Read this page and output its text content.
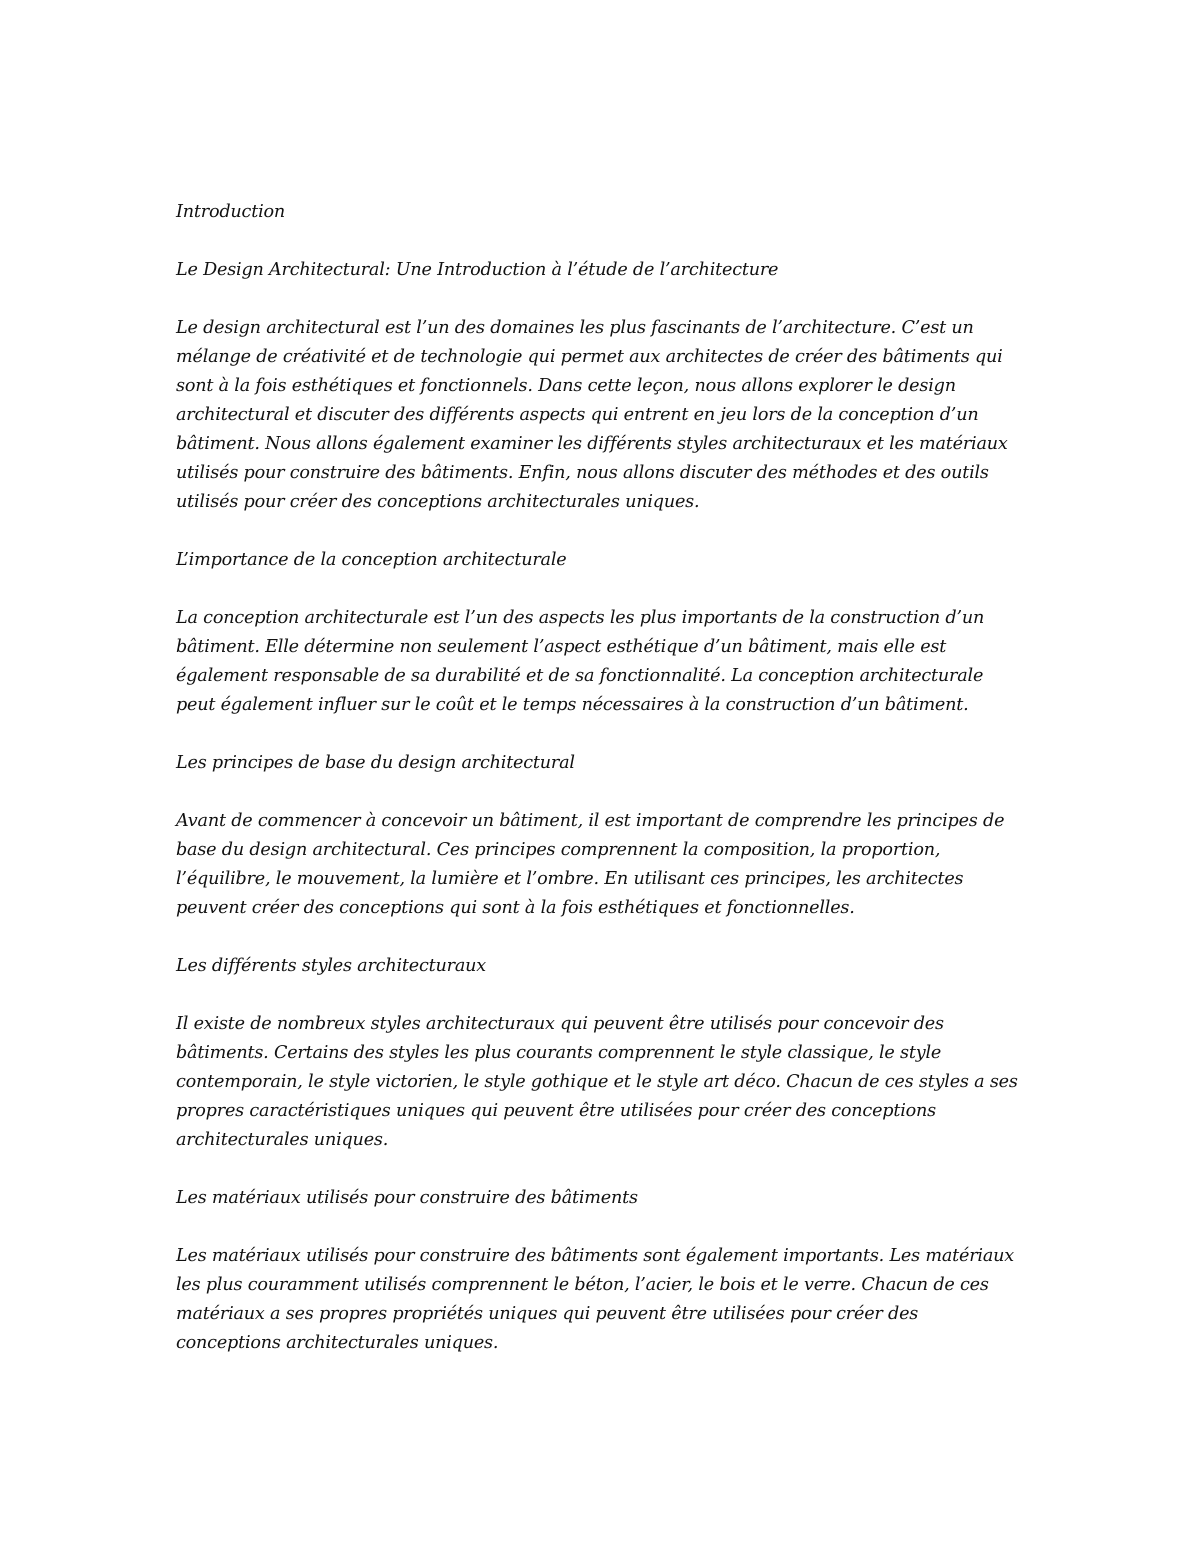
Introduction

Le Design Architectural: Une Introduction à l’étude de l’architecture

Le design architectural est l’un des domaines les plus fascinants de l’architecture. C’est un mélange de créativité et de technologie qui permet aux architectes de créer des bâtiments qui sont à la fois esthétiques et fonctionnels. Dans cette leçon, nous allons explorer le design architectural et discuter des différents aspects qui entrent en jeu lors de la conception d’un bâtiment. Nous allons également examiner les différents styles architecturaux et les matériaux utilisés pour construire des bâtiments. Enfin, nous allons discuter des méthodes et des outils utilisés pour créer des conceptions architecturales uniques.

L’importance de la conception architecturale

La conception architecturale est l’un des aspects les plus importants de la construction d’un bâtiment. Elle détermine non seulement l’aspect esthétique d’un bâtiment, mais elle est également responsable de sa durabilité et de sa fonctionnalité. La conception architecturale peut également influer sur le coût et le temps nécessaires à la construction d’un bâtiment.

Les principes de base du design architectural

Avant de commencer à concevoir un bâtiment, il est important de comprendre les principes de base du design architectural. Ces principes comprennent la composition, la proportion, l’équilibre, le mouvement, la lumière et l’ombre. En utilisant ces principes, les architectes peuvent créer des conceptions qui sont à la fois esthétiques et fonctionnelles.

Les différents styles architecturaux

Il existe de nombreux styles architecturaux qui peuvent être utilisés pour concevoir des bâtiments. Certains des styles les plus courants comprennent le style classique, le style contemporain, le style victorien, le style gothique et le style art déco. Chacun de ces styles a ses propres caractéristiques uniques qui peuvent être utilisées pour créer des conceptions architecturales uniques.

Les matériaux utilisés pour construire des bâtiments

Les matériaux utilisés pour construire des bâtiments sont également importants. Les matériaux les plus couramment utilisés comprennent le béton, l’acier, le bois et le verre. Chacun de ces matériaux a ses propres propriétés uniques qui peuvent être utilisées pour créer des conceptions architecturales uniques.
